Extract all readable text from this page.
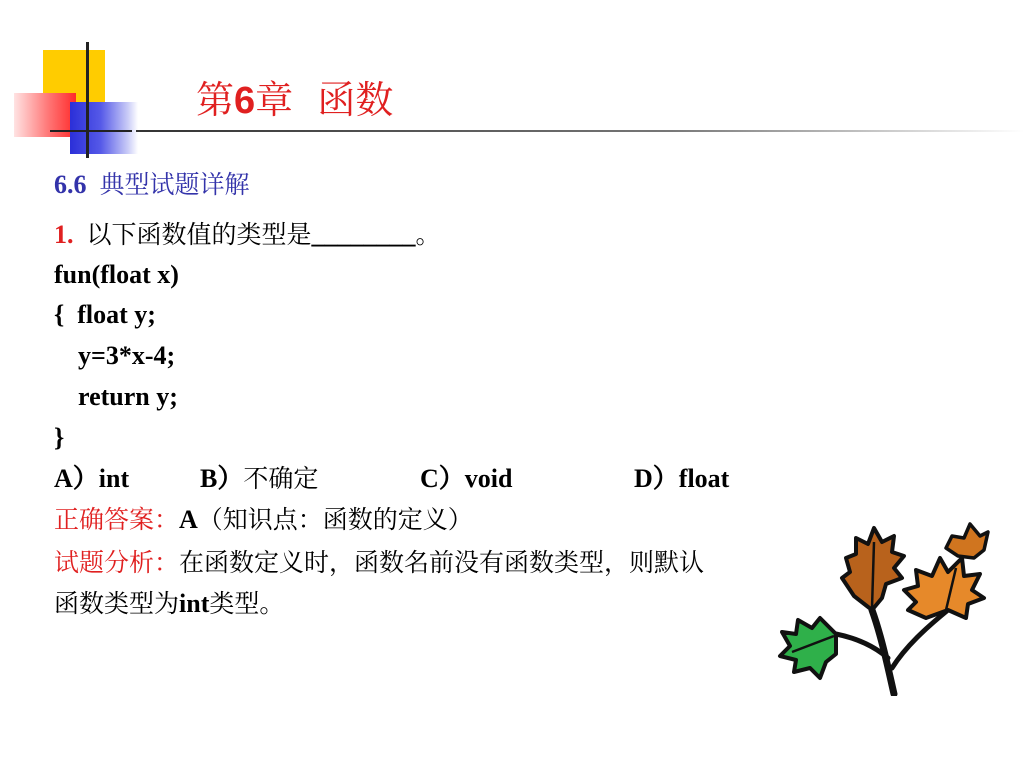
第6章  函数
6.6 典型试题详解
1. 以下函数值的类型是________。
fun(float x)
{  float y;
y=3*x-4;
return y;
}

A）int

	B）不确定

	C）void

	D）float

正确答案：A（知识点：函数的定义）
试题分析：在函数定义时，函数名前没有函数类型，则默认
函数类型为int类型。
